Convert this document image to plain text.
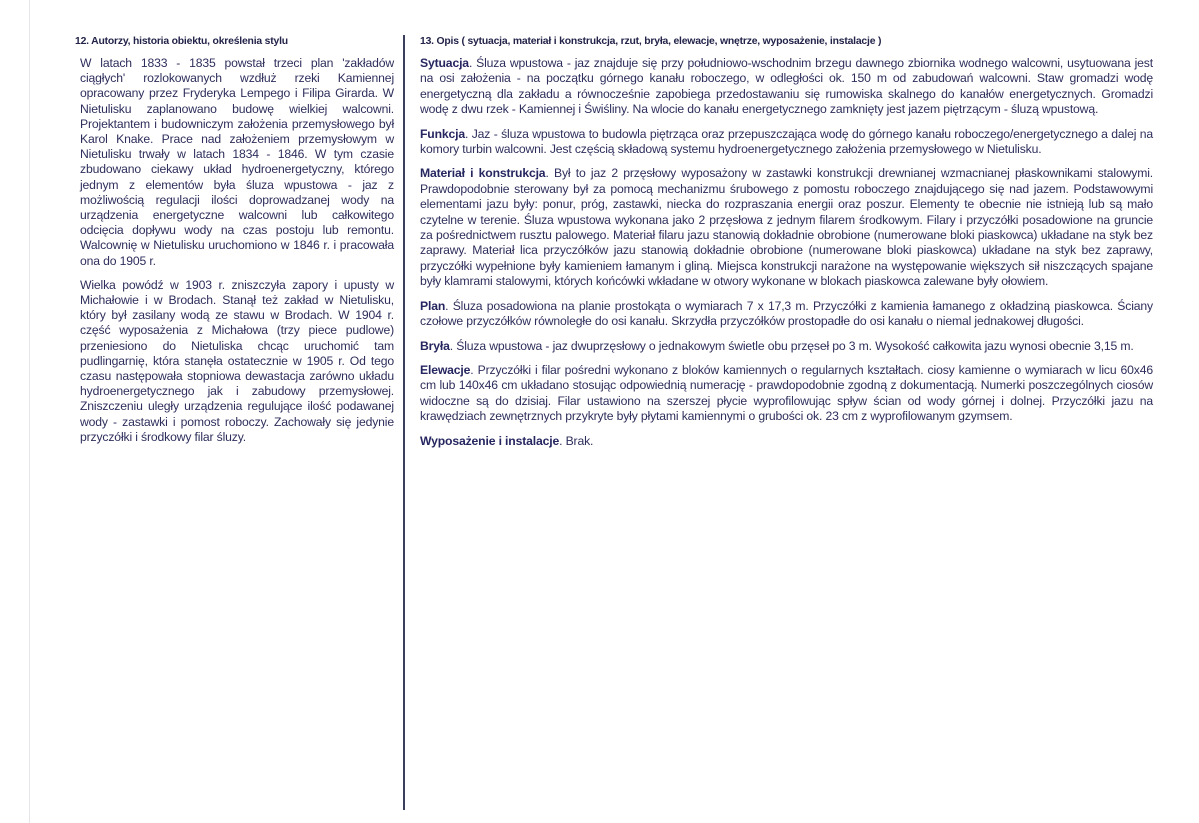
12. Autorzy, historia obiektu, określenia stylu

W latach 1833 - 1835 powstał trzeci plan 'zakładów ciągłych' rozlokowanych wzdłuż rzeki Kamiennej opracowany przez Fryderyka Lempego i Filipa Girarda. W Nietulisku zaplanowano budowę wielkiej walcowni. Projektantem i budowniczym założenia przemysłowego był Karol Knake. Prace nad założeniem przemysłowym w Nietulisku trwały w latach 1834 - 1846. W tym czasie zbudowano ciekawy układ hydroenergetyczny, którego jednym z elementów była śluza wpustowa - jaz z możliwością regulacji ilości doprowadzanej wody na urządzenia energetyczne walcowni lub całkowitego odcięcia dopływu wody na czas postoju lub remontu. Walcownię w Nietulisku uruchomiono w 1846 r. i pracowała ona do 1905 r.

Wielka powódź w 1903 r. zniszczyła zapory i upusty w Michałowie i w Brodach. Stanął też zakład w Nietulisku, który był zasilany wodą ze stawu w Brodach. W 1904 r. część wyposażenia z Michałowa (trzy piece pudlowe) przeniesiono do Nietuliska chcąc uruchomić tam pudlingarnię, która stanęła ostatecznie w 1905 r. Od tego czasu następowała stopniowa dewastacja zarówno układu hydroenergetycznego jak i zabudowy przemysłowej. Zniszczeniu uległy urządzenia regulujące ilość podawanej wody - zastawki i pomost roboczy. Zachowały się jedynie przyczółki i środkowy filar śluzy.

13. Opis ( sytuacja, materiał i konstrukcja, rzut, bryła, elewacje, wnętrze, wyposażenie, instalacje )

Sytuacja. Śluza wpustowa - jaz znajduje się przy południowo-wschodnim brzegu dawnego zbiornika wodnego walcowni, usytuowana jest na osi założenia - na początku górnego kanału roboczego, w odległości ok. 150 m od zabudowań walcowni. Staw gromadzi wodę energetyczną dla zakładu a równocześnie zapobiega przedostawaniu się rumowiska skalnego do kanałów energetycznych. Gromadzi wodę z dwu rzek - Kamiennej i Świśliny. Na wlocie do kanału energetycznego zamknięty jest jazem piętrzącym - śluzą wpustową.

Funkcja. Jaz - śluza wpustowa to budowla piętrząca oraz przepuszczająca wodę do górnego kanału roboczego/energetycznego a dalej na komory turbin walcowni. Jest częścią składową systemu hydroenergetycznego założenia przemysłowego w Nietulisku.

Materiał i konstrukcja. Był to jaz 2 przęsłowy wyposażony w zastawki konstrukcji drewnianej wzmacnianej płaskownikami stalowymi. Prawdopodobnie sterowany był za pomocą mechanizmu śrubowego z pomostu roboczego znajdującego się nad jazem. Podstawowymi elementami jazu były: ponur, próg, zastawki, niecka do rozpraszania energii oraz poszur. Elementy te obecnie nie istnieją lub są mało czytelne w terenie. Śluza wpustowa wykonana jako 2 przęsłowa z jednym filarem środkowym. Filary i przyczółki posadowione na gruncie za pośrednictwem rusztu palowego. Materiał filaru jazu stanowią dokładnie obrobione (numerowane bloki piaskowca) układane na styk bez zaprawy. Materiał lica przyczółków jazu stanowią dokładnie obrobione (numerowane bloki piaskowca) układane na styk bez zaprawy, przyczółki wypełnione były kamieniem łamanym i gliną. Miejsca konstrukcji narażone na występowanie większych sił niszczących spajane były klamrami stalowymi, których końcówki wkładane w otwory wykonane w blokach piaskowca zalewane były ołowiem.

Plan. Śluza posadowiona na planie prostokąta o wymiarach 7 x 17,3 m. Przyczółki z kamienia łamanego z okładziną piaskowca. Ściany czołowe przyczółków równoległe do osi kanału. Skrzydła przyczółków prostopadłe do osi kanału o niemal jednakowej długości.

Bryła. Śluza wpustowa - jaz dwuprzęsłowy o jednakowym świetle obu przęseł po 3 m. Wysokość całkowita jazu wynosi obecnie 3,15 m.

Elewacje. Przyczółki i filar pośredni wykonano z bloków kamiennych o regularnych kształtach. ciosy kamienne o wymiarach w licu 60x46 cm lub 140x46 cm układano stosując odpowiednią numerację - prawdopodobnie zgodną z dokumentacją. Numerki poszczególnych ciosów widoczne są do dzisiaj. Filar ustawiono na szerszej płycie wyprofilowując spływ ścian od wody górnej i dolnej. Przyczółki jazu na krawędziach zewnętrznych przykryte były płytami kamiennymi o grubości ok. 23 cm z wyprofilowanym gzymsem.

Wyposażenie i instalacje. Brak.
